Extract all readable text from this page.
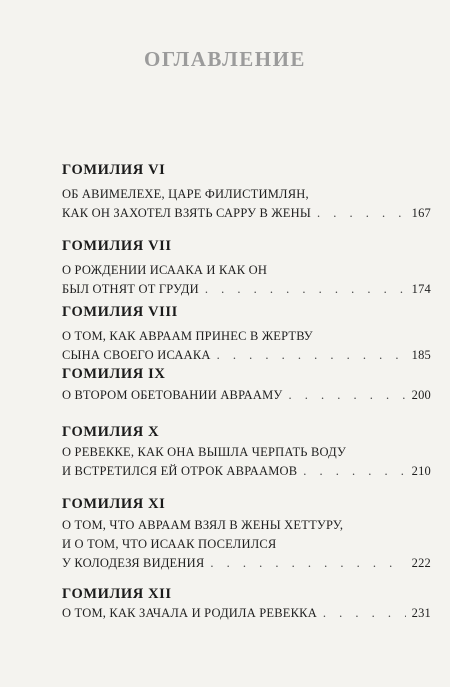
ОГЛАВЛЕНИЕ
ГОМИЛИЯ VI
ОБ АВИМЕЛЕХЕ, ЦАРЕ ФИЛИСТИМЛЯН,
КАК ОН ЗАХОТЕЛ ВЗЯТЬ САРРУ В ЖЕНЫ . . .	167
ГОМИЛИЯ VII
О РОЖДЕНИИ ИСААКА И КАК ОН
БЫЛ ОТНЯТ ОТ ГРУДИ . . .	174
ГОМИЛИЯ VIII
О ТОМ, КАК АВРААМ ПРИНЕС В ЖЕРТВУ
СЫНА СВОЕГО ИСААКА . . .	185
ГОМИЛИЯ IX
О ВТОРОМ ОБЕТОВАНИИ АВРААМУ . . .	200
ГОМИЛИЯ X
О РЕВЕККЕ, КАК ОНА ВЫШЛА ЧЕРПАТЬ ВОДУ
И ВСТРЕТИЛСЯ ЕЙ ОТРОК АВРААМОВ . . .	210
ГОМИЛИЯ XI
О ТОМ, ЧТО АВРААМ ВЗЯЛ В ЖЕНЫ ХЕТТУРУ,
И О ТОМ, ЧТО ИСААК ПОСЕЛИЛСЯ
У КОЛОДЕЗЯ ВИДЕНИЯ . . .	222
ГОМИЛИЯ XII
О ТОМ, КАК ЗАЧАЛА И РОДИЛА РЕВЕККА . . .	231
